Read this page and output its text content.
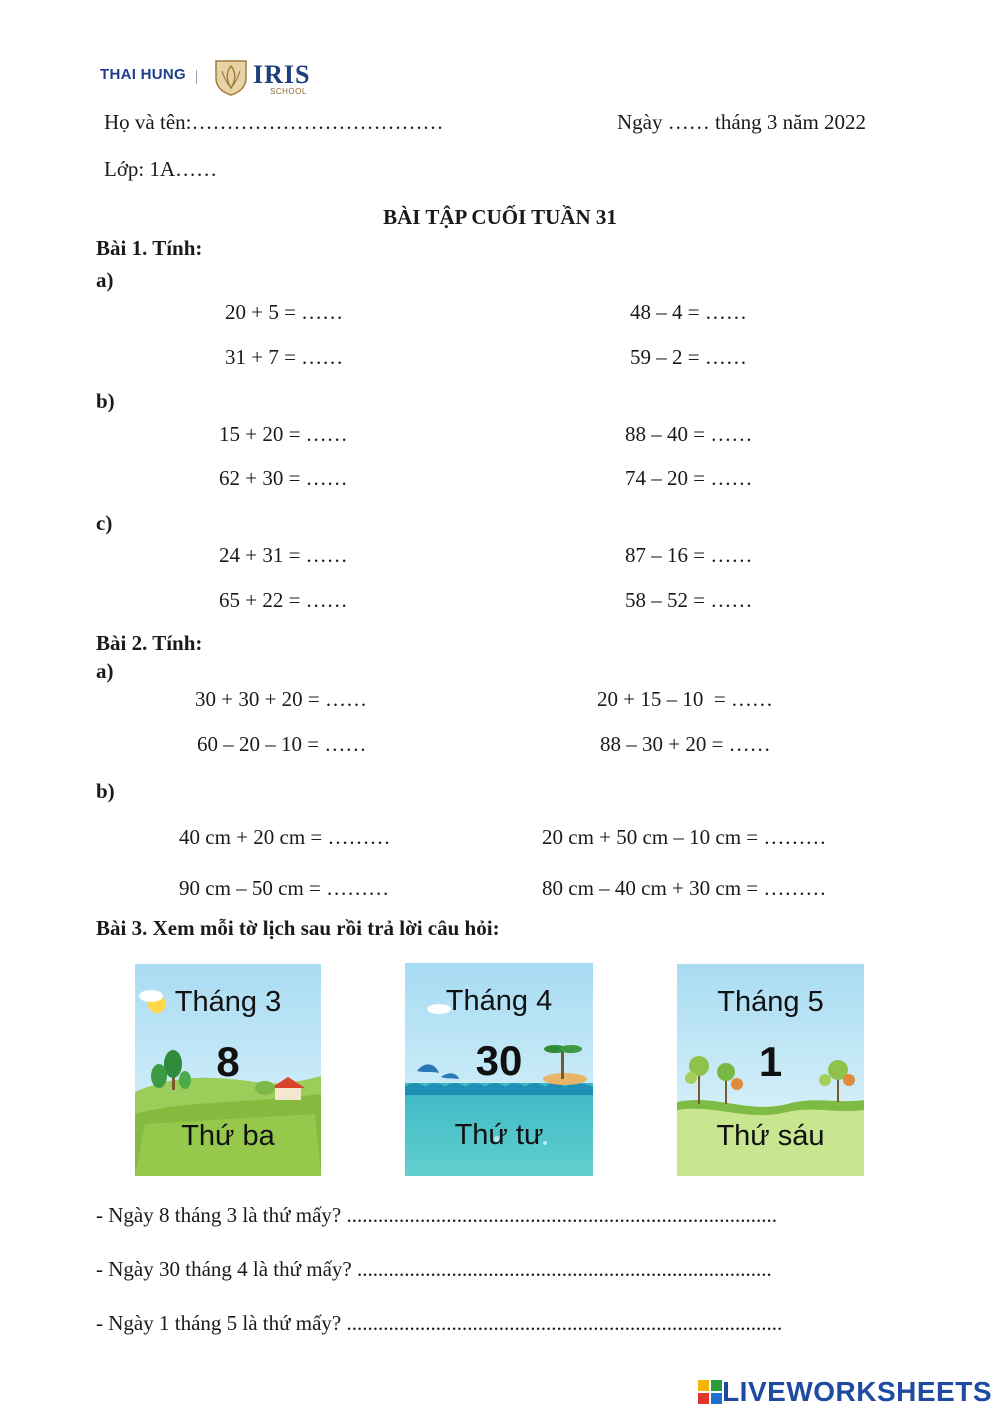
THAI HUNG	IRIS
SCHOOL
Họ và tên:………………………………	Ngày …… tháng 3 năm 2022
Lớp: 1A……
BÀI TẬP CUỐI TUẦN 31
Bài 1. Tính:
a)
20 + 5 = ……	48 – 4 = ……
31 + 7 = ……	59 – 2 = ……
b)
15 + 20 = ……	88 – 40 = ……
62 + 30 = ……	74 – 20 = ……
c)
24 + 31 = ……	87 – 16 = ……
65 + 22 = ……	58 – 52 = ……
Bài 2. Tính:
a)
30 + 30 + 20 = ……	20 + 15 – 10  = ……
60 – 20 – 10 = ……	88 – 30 + 20 = ……
b)
40 cm + 20 cm = ………	20 cm + 50 cm – 10 cm = ………
90 cm – 50 cm = ………	80 cm – 40 cm + 30 cm = ………
Bài 3. Xem mỗi tờ lịch sau rồi trả lời câu hỏi:
Tháng 3
8
Thứ ba
Tháng 4
30
Thứ tư
Tháng 5
1
Thứ sáu
- Ngày 8 tháng 3 là thứ mấy? ..................................................................................
- Ngày 30 tháng 4 là thứ mấy? ...............................................................................
- Ngày 1 tháng 5 là thứ mấy? ...................................................................................
LIVEWORKSHEETS
